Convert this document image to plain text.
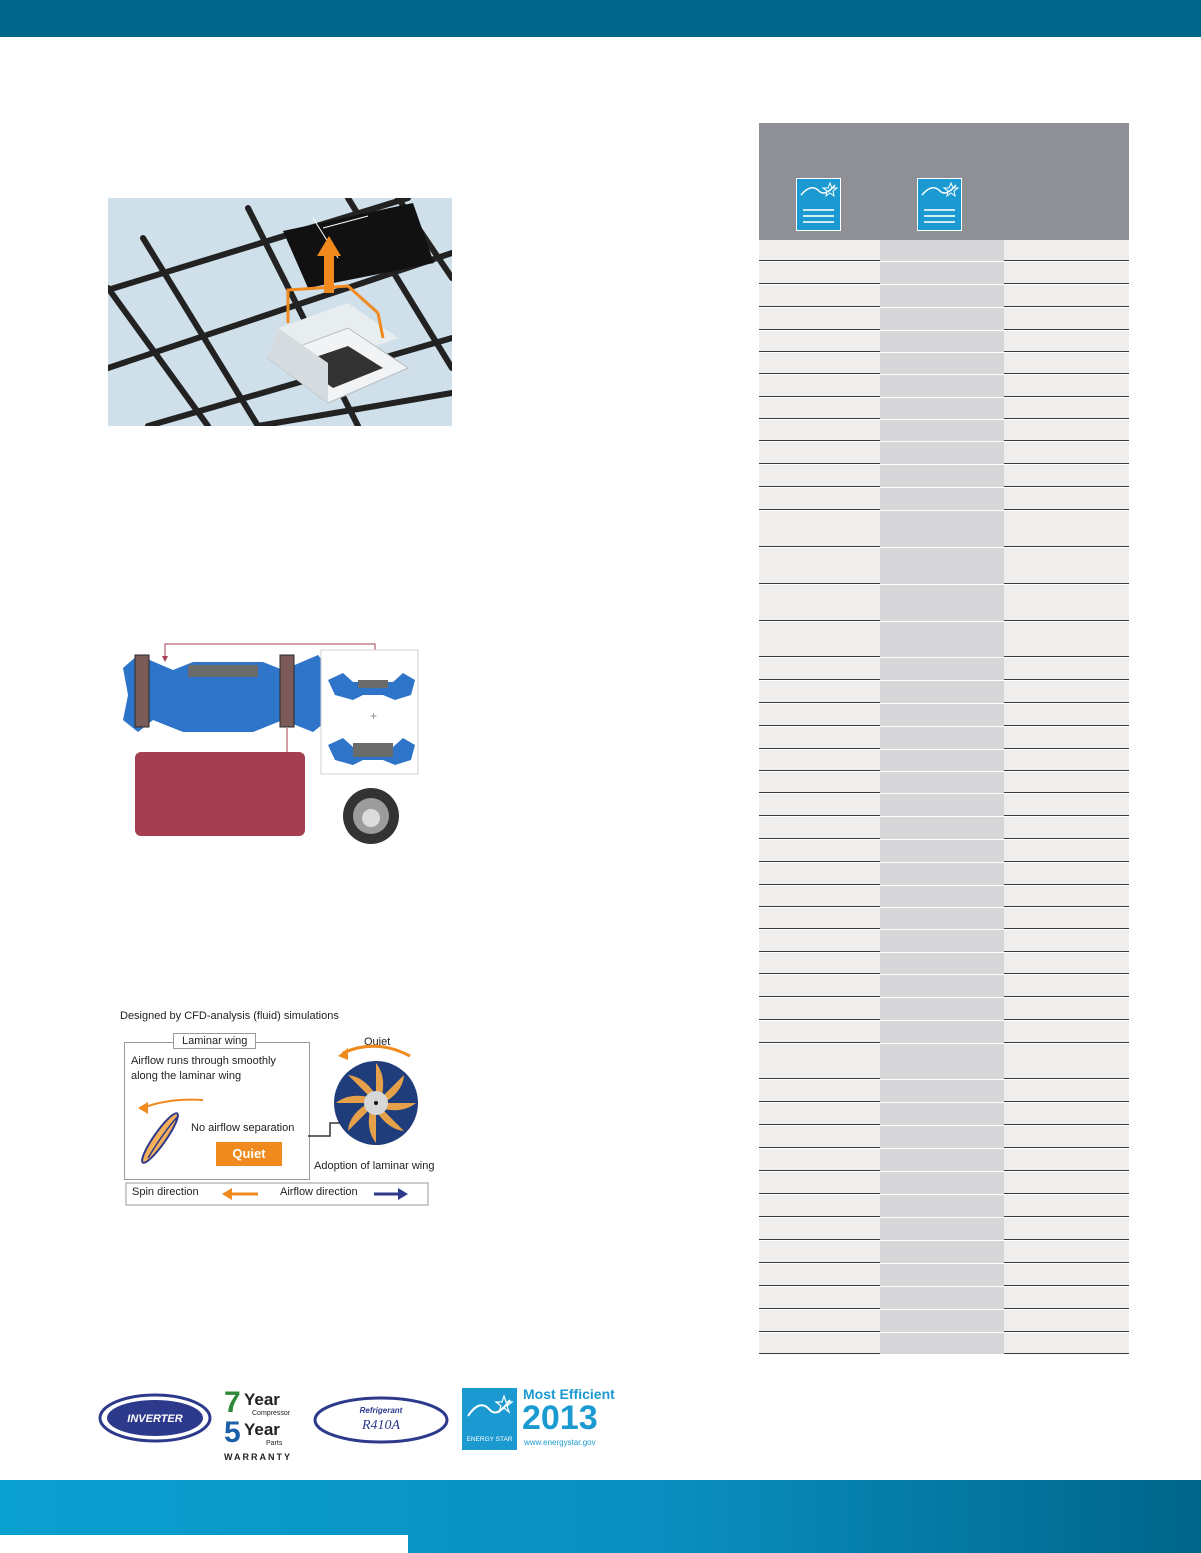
+
Designed by CFD-analysis (fluid) simulations
Laminar wing
Airflow runs through smoothly
along the laminar wing
No airflow separation
Quiet
Quiet
Adoption of laminar wing
Spin direction	Airflow direction
INVERTER 7 Year
Compressor
5 Year
Parts
WARRANTY
Refrigerant
R410A
ENERGY STAR
Most Efficient
2013
www.energystar.gov
